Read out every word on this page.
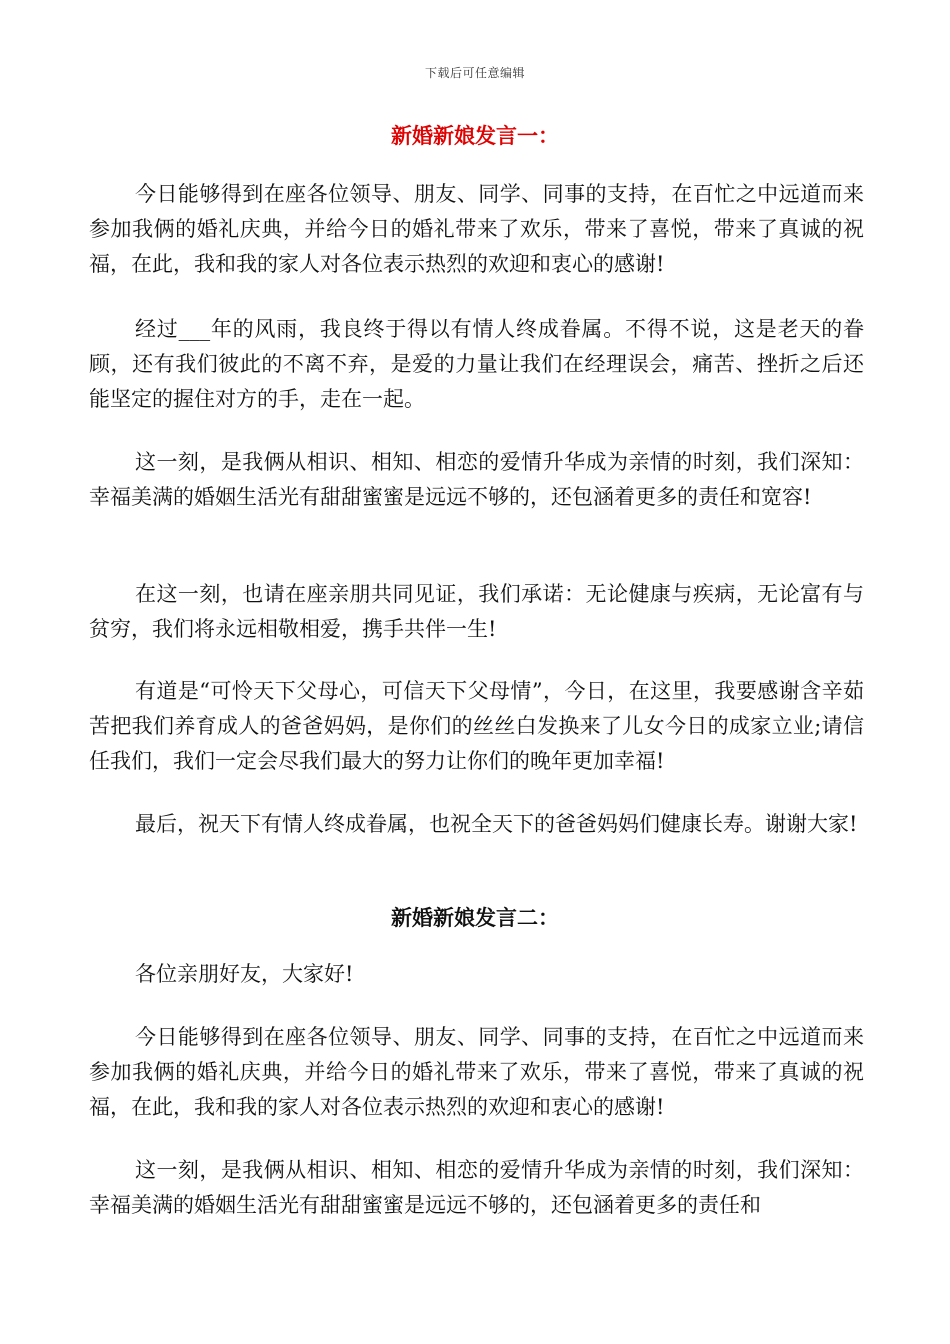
下载后可任意编辑
新婚新娘发言一：

今日能够得到在座各位领导、朋友、同学、同事的支持，在百忙之中远道而来参加我俩的婚礼庆典，并给今日的婚礼带来了欢乐，带来了喜悦，带来了真诚的祝福，在此，我和我的家人对各位表示热烈的欢迎和衷心的感谢!

经过___年的风雨，我良终于得以有情人终成眷属。不得不说，这是老天的眷顾，还有我们彼此的不离不弃，是爱的力量让我们在经理误会，痛苦、挫折之后还能坚定的握住对方的手，走在一起。

这一刻，是我俩从相识、相知、相恋的爱情升华成为亲情的时刻，我们深知：幸福美满的婚姻生活光有甜甜蜜蜜是远远不够的，还包涵着更多的责任和宽容!

在这一刻，也请在座亲朋共同见证，我们承诺：无论健康与疾病，无论富有与贫穷，我们将永远相敬相爱，携手共伴一生!

有道是“可怜天下父母心，可信天下父母情”，今日，在这里，我要感谢含辛茹苦把我们养育成人的爸爸妈妈，是你们的丝丝白发换来了儿女今日的成家立业;请信任我们，我们一定会尽我们最大的努力让你们的晚年更加幸福!

最后，祝天下有情人终成眷属，也祝全天下的爸爸妈妈们健康长寿。谢谢大家!

新婚新娘发言二：

各位亲朋好友，大家好!

今日能够得到在座各位领导、朋友、同学、同事的支持，在百忙之中远道而来参加我俩的婚礼庆典，并给今日的婚礼带来了欢乐，带来了喜悦，带来了真诚的祝福，在此，我和我的家人对各位表示热烈的欢迎和衷心的感谢!

这一刻，是我俩从相识、相知、相恋的爱情升华成为亲情的时刻，我们深知：幸福美满的婚姻生活光有甜甜蜜蜜是远远不够的，还包涵着更多的责任和
